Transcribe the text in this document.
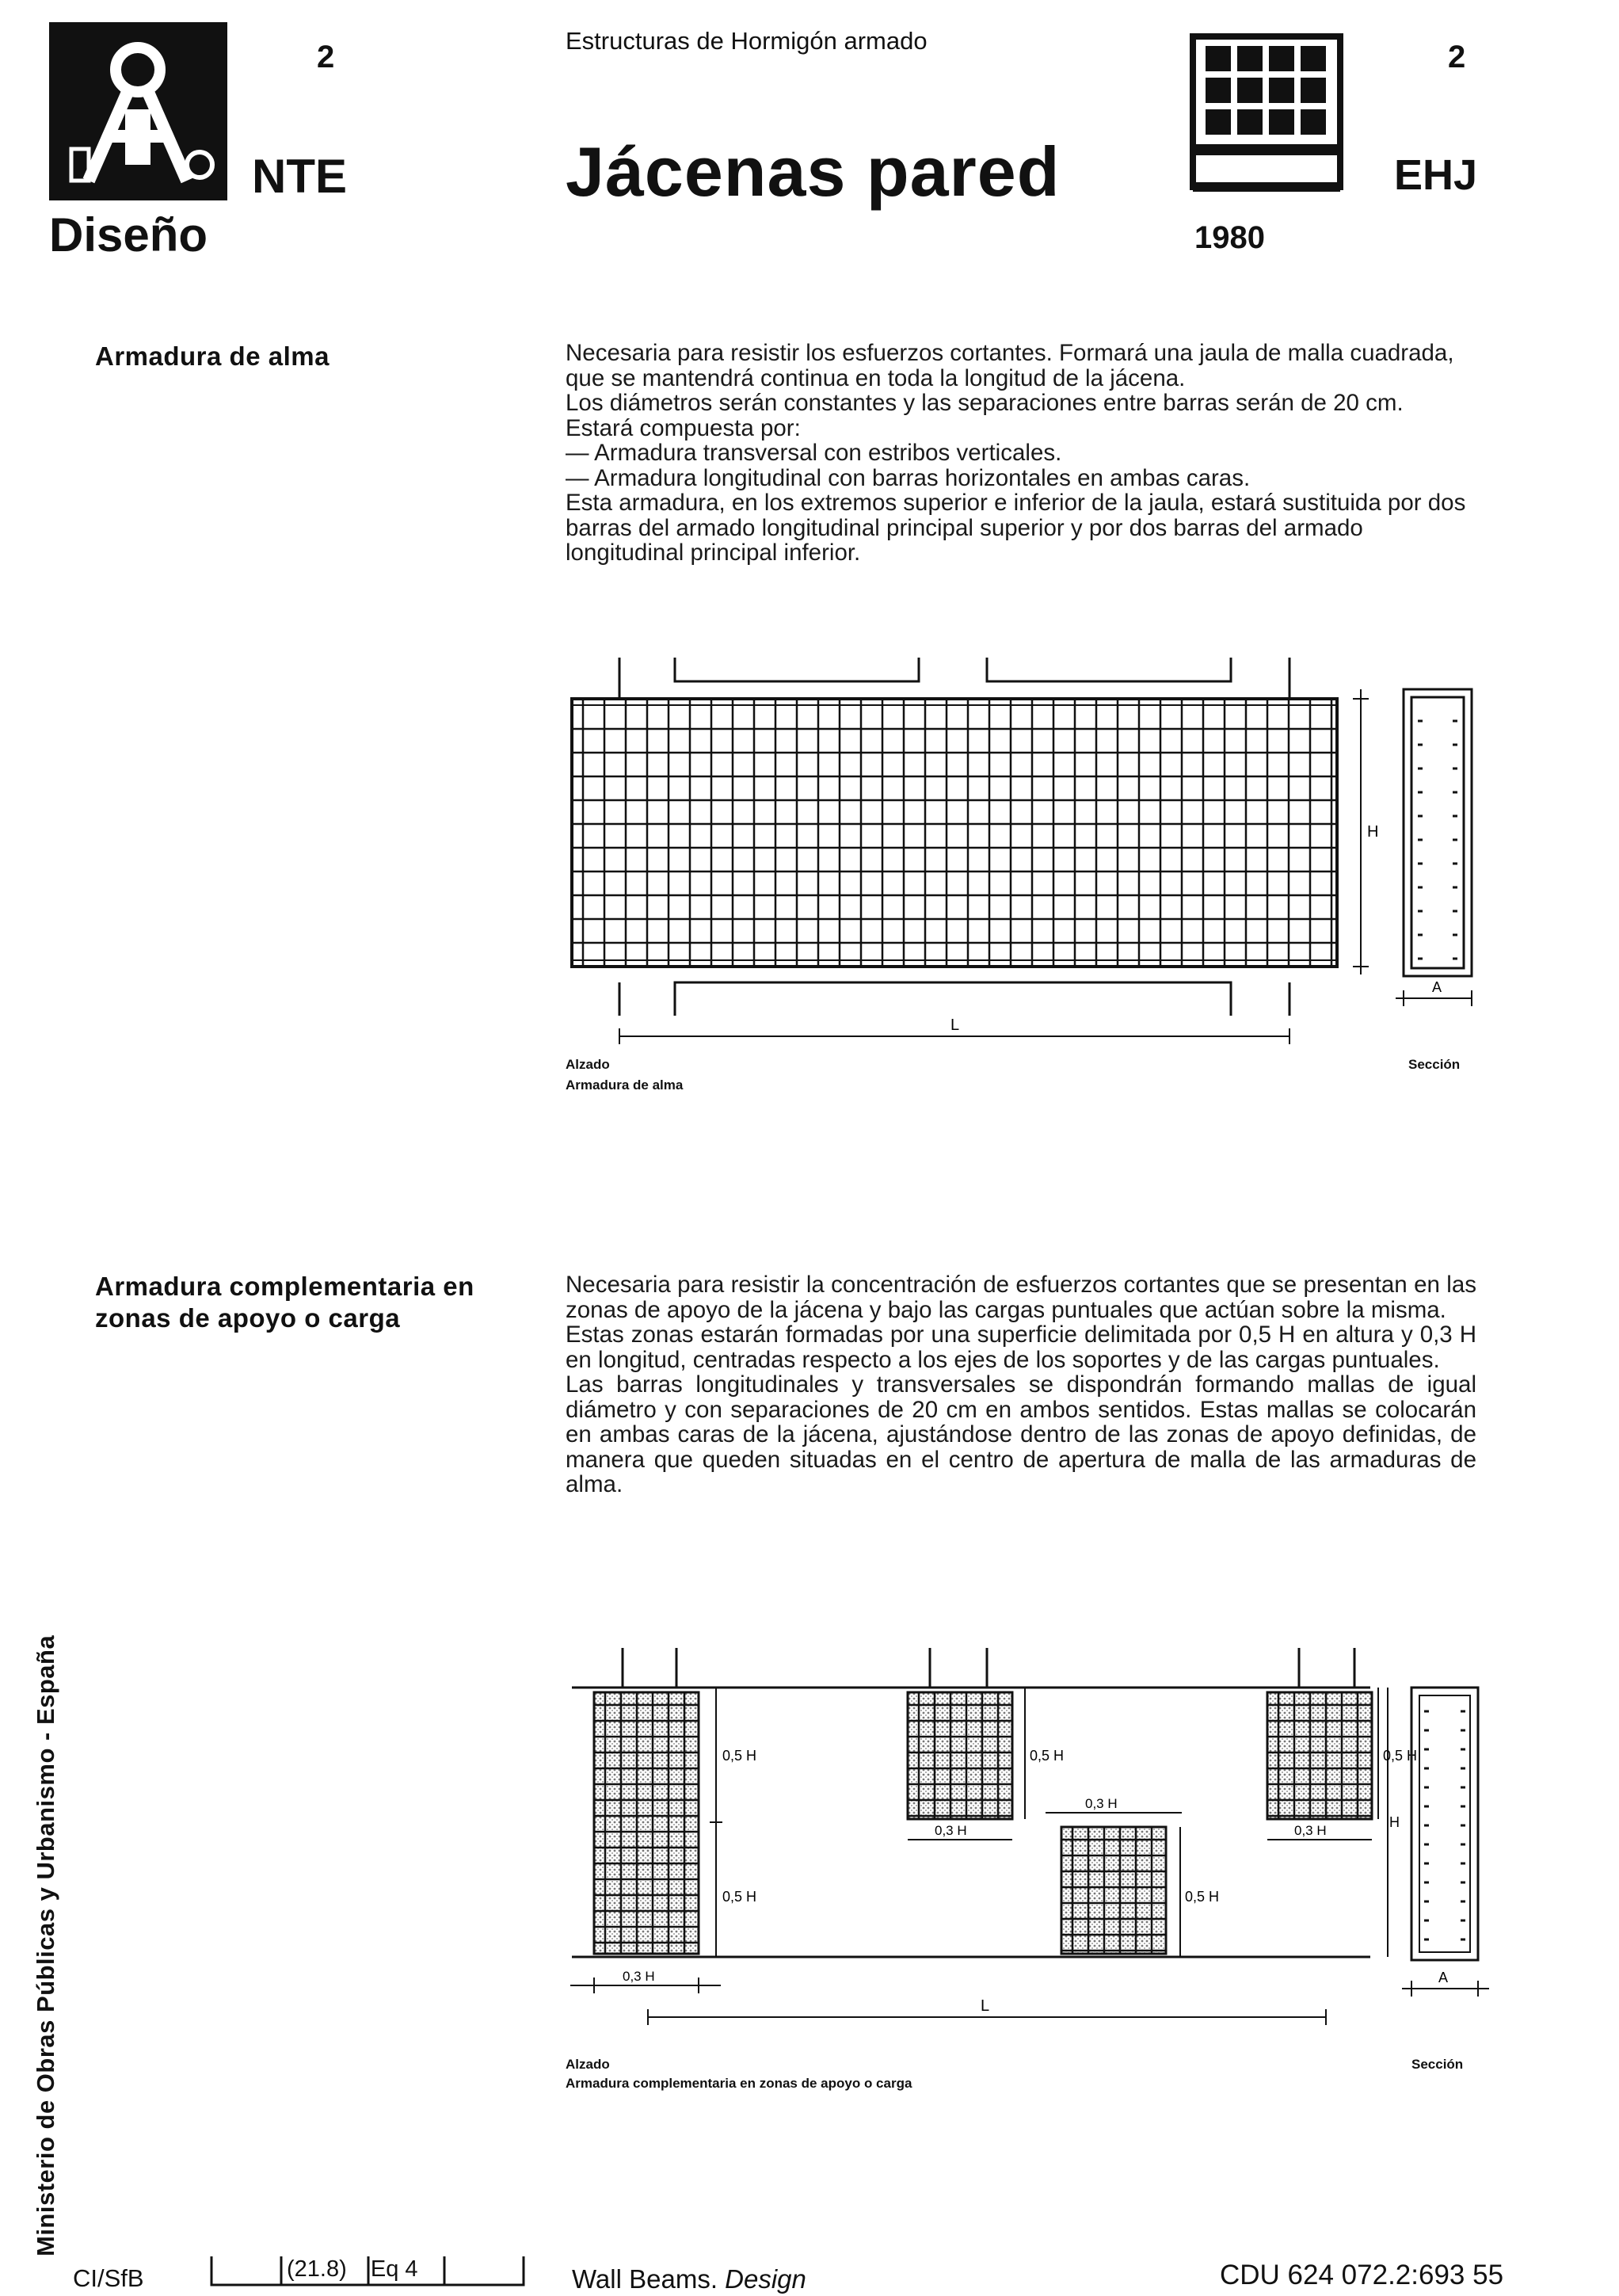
2
NTE
Diseño
Estructuras de Hormigón armado
Jácenas pared
2
EHJ
1980
Armadura de alma	Necesaria para resistir los esfuerzos cortantes. Formará una jaula de malla cuadrada, que se mantendrá continua en toda la longitud de la jácena.

Los diámetros serán constantes y las separaciones entre barras serán de 20 cm.

Estará compuesta por:

— Armadura transversal con estribos verticales.

— Armadura longitudinal con barras horizontales en ambas caras.

Esta armadura, en los extremos superior e inferior de la jaula, estará sustituida por dos barras del armado longitudinal principal superior y por dos barras del armado longitudinal principal inferior.

L
H
A
Alzado
Armadura de alma
Sección
Armadura complementaria en zonas de apoyo o carga

Necesaria para resistir la concentración de esfuerzos cortantes que se presentan en las zonas de apoyo de la jácena y bajo las cargas puntuales que actúan sobre la misma.

Estas zonas estarán formadas por una superficie delimitada por 0,5 H en altura y 0,3 H en longitud, centradas respecto a los ejes de los soportes y de las cargas puntuales.

Las barras longitudinales y transversales se dispondrán formando mallas de igual diámetro y con separaciones de 20 cm en ambos sentidos. Estas mallas se colocarán en ambas caras de la jácena, ajustándose dentro de las zonas de apoyo definidas, de manera que queden situadas en el centro de apertura de malla de las armaduras de alma.

0,5 H
0,5 H
0,5 H
0,5 H
0,5 H
0,3 H
0,3 H
0,3 H
0,3 H
L
H
A
Alzado
Armadura complementaria en zonas de apoyo o carga
Sección
Ministerio de Obras Públicas y Urbanismo - España
CI/SfB	(21.8) Eq 4	Wall Beams. Design	CDU 624 072.2:693 55
